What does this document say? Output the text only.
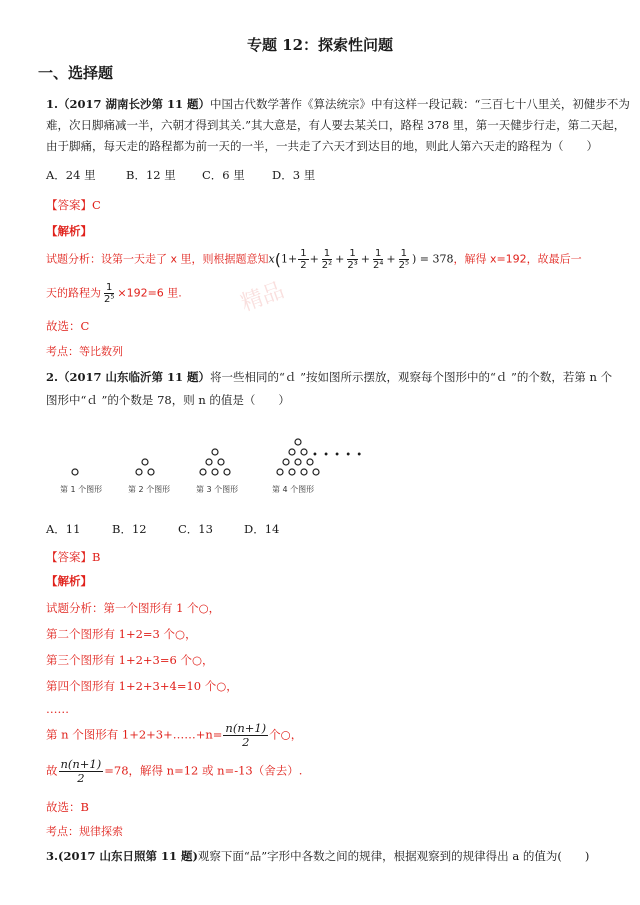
专题 12：探索性问题
一、选择题
1.（2017 湖南长沙第 11 题）中国古代数学著作《算法统宗》中有这样一段记载：“三百七十八里关，初健步不为
难，次日脚痛减一半，六朝才得到其关.”其大意是，有人要去某关口，路程 378 里，第一天健步行走，第二天起，
由于脚痛，每天走的路程都为前一天的一半，一共走了六天才到达目的地，则此人第六天走的路程为（　　）
A．24 里	B．12 里 C．6 里 D．3 里
【答案】C
【解析】
试题分析：设第一天走了 x 里，则根据题意知$x(1+ \frac{1}{2} + \frac{1}{\text{2²}} + \frac{1}{\text{2³}} + \frac{1}{\text{2⁴}} + \frac{1}{\text{2⁵}}$ ) = 378，解得 x=192，故最后一
天的路程为 $\frac{1}{\text{2⁵}} \times 192=6$ 里.	精品
故选：C
考点：等比数列
2.（2017 山东临沂第 11 题）将一些相同的“ｄ ”按如图所示摆放，观察每个图形中的“ｄ ”的个数，若第 n 个
图形中“ｄ ”的个数是 78，则 n 的值是（　　）
第 1 个图形	第 2 个图形	第 3 个图形	第 4 个图形
• • • • •
A．11	B．12	C．13	D．14
【答案】B
【解析】
试题分析：第一个图形有 1 个○，
第二个图形有 1+2=3 个○，
第三个图形有 1+2+3=6 个○，
第四个图形有 1+2+3+4=10 个○，
……
第 n 个图形有 1+2+3+……+n= $\frac{n(n+1)}{2}$ 个○，
故 $\frac{n(n+1)}{2} =78$，解得 n=12 或 n=-13（舍去）.
故选：B
考点：规律探索
3.(2017 山东日照第 11 题)观察下面“品”字形中各数之间的规律，根据观察到的规律得出 a 的值为(　　)
